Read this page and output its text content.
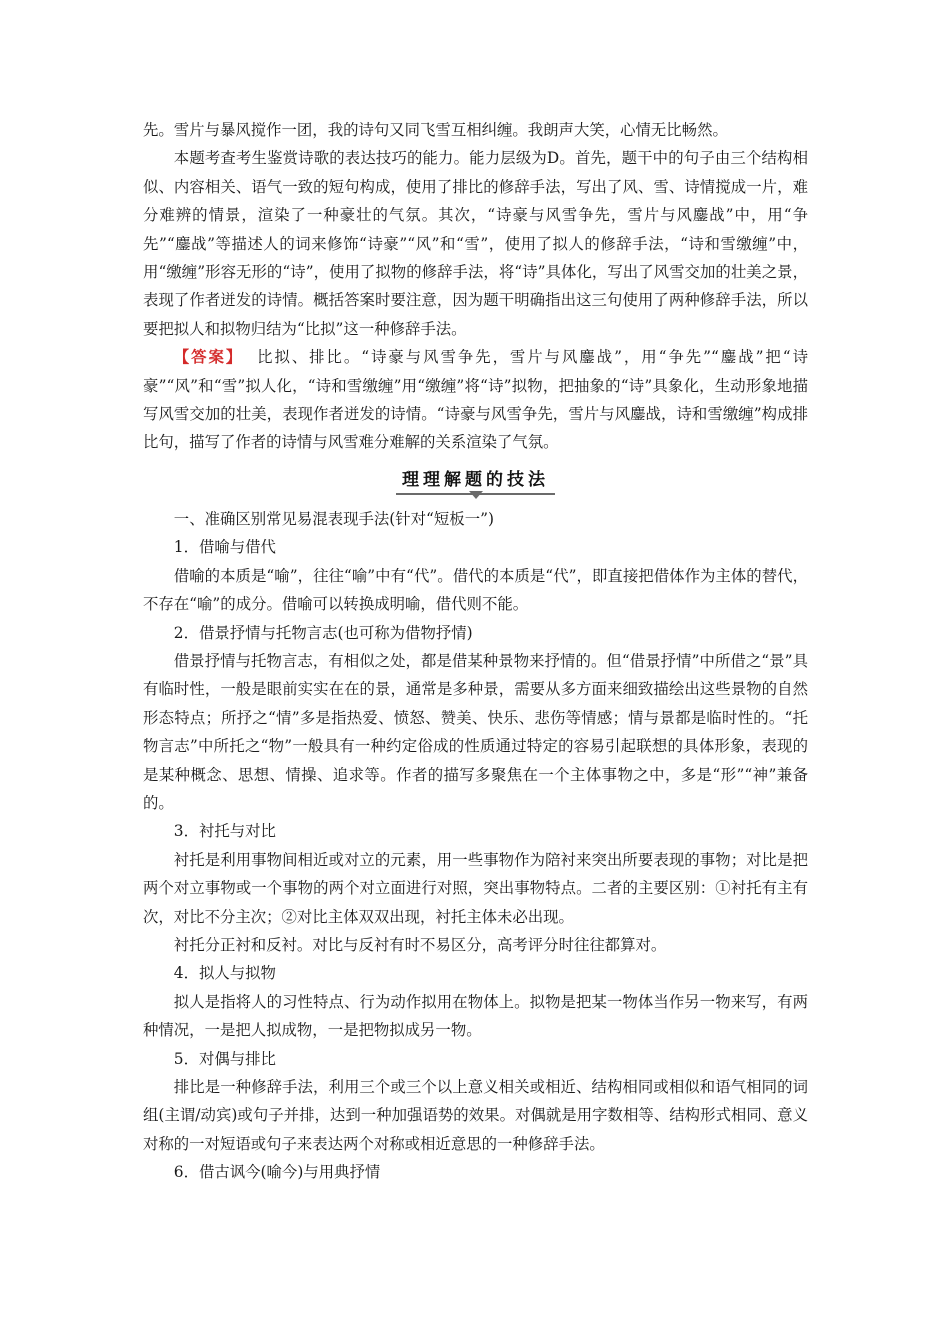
先。雪片与暴风搅作一团，我的诗句又同飞雪互相纠缠。我朗声大笑，心情无比畅然。

本题考查考生鉴赏诗歌的表达技巧的能力。能力层级为D。首先，题干中的句子由三个结构相似、内容相关、语气一致的短句构成，使用了排比的修辞手法，写出了风、雪、诗情搅成一片，难分难辨的情景，渲染了一种豪壮的气氛。其次，“诗豪与风雪争先，雪片与风鏖战”中，用“争先”“鏖战”等描述人的词来修饰“诗豪”“风”和“雪”，使用了拟人的修辞手法，“诗和雪缴缠”中，用“缴缠”形容无形的“诗”，使用了拟物的修辞手法，将“诗”具体化，写出了风雪交加的壮美之景，表现了作者迸发的诗情。概括答案时要注意，因为题干明确指出这三句使用了两种修辞手法，所以要把拟人和拟物归结为“比拟”这一种修辞手法。

【答案】 比拟、排比。“诗豪与风雪争先，雪片与风鏖战”，用“争先”“鏖战”把“诗豪”“风”和“雪”拟人化，“诗和雪缴缠”用“缴缠”将“诗”拟物，把抽象的“诗”具象化，生动形象地描写风雪交加的壮美，表现作者迸发的诗情。“诗豪与风雪争先，雪片与风鏖战，诗和雪缴缠”构成排比句，描写了作者的诗情与风雪难分难解的关系渲染了气氛。

理理解题的技法

一、准确区别常见易混表现手法(针对“短板一”)

1．借喻与借代

借喻的本质是“喻”，往往“喻”中有“代”。借代的本质是“代”，即直接把借体作为主体的替代，不存在“喻”的成分。借喻可以转换成明喻，借代则不能。

2．借景抒情与托物言志(也可称为借物抒情)

借景抒情与托物言志，有相似之处，都是借某种景物来抒情的。但“借景抒情”中所借之“景”具有临时性，一般是眼前实实在在的景，通常是多种景，需要从多方面来细致描绘出这些景物的自然形态特点；所抒之“情”多是指热爱、愤怒、赞美、快乐、悲伤等情感；情与景都是临时性的。“托物言志”中所托之“物”一般具有一种约定俗成的性质通过特定的容易引起联想的具体形象，表现的是某种概念、思想、情操、追求等。作者的描写多聚焦在一个主体事物之中，多是“形”“神”兼备的。

3．衬托与对比

衬托是利用事物间相近或对立的元素，用一些事物作为陪衬来突出所要表现的事物；对比是把两个对立事物或一个事物的两个对立面进行对照，突出事物特点。二者的主要区别：①衬托有主有次，对比不分主次；②对比主体双双出现，衬托主体未必出现。

衬托分正衬和反衬。对比与反衬有时不易区分，高考评分时往往都算对。

4．拟人与拟物

拟人是指将人的习性特点、行为动作拟用在物体上。拟物是把某一物体当作另一物来写，有两种情况，一是把人拟成物，一是把物拟成另一物。

5．对偶与排比

排比是一种修辞手法，利用三个或三个以上意义相关或相近、结构相同或相似和语气相同的词组(主谓/动宾)或句子并排，达到一种加强语势的效果。对偶就是用字数相等、结构形式相同、意义对称的一对短语或句子来表达两个对称或相近意思的一种修辞手法。

6．借古讽今(喻今)与用典抒情
